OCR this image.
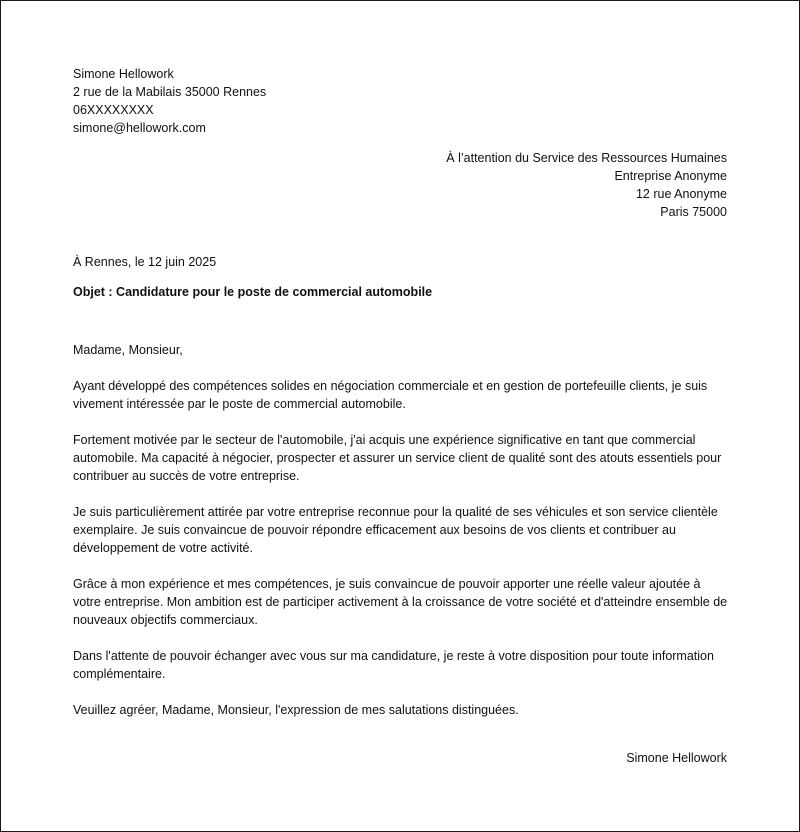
Simone Hellowork
2 rue de la Mabilais 35000 Rennes
06XXXXXXXX
simone@hellowork.com
À l’attention du Service des Ressources Humaines
Entreprise Anonyme
12 rue Anonyme
Paris 75000
À Rennes, le 12 juin 2025
Objet : Candidature pour le poste de commercial automobile

Madame, Monsieur,

Ayant développé des compétences solides en négociation commerciale et en gestion de portefeuille clients, je suis vivement intéressée par le poste de commercial automobile.

Fortement motivée par le secteur de l'automobile, j'ai acquis une expérience significative en tant que commercial automobile. Ma capacité à négocier, prospecter et assurer un service client de qualité sont des atouts essentiels pour contribuer au succès de votre entreprise.

Je suis particulièrement attirée par votre entreprise reconnue pour la qualité de ses véhicules et son service clientèle exemplaire. Je suis convaincue de pouvoir répondre efficacement aux besoins de vos clients et contribuer au développement de votre activité.

Grâce à mon expérience et mes compétences, je suis convaincue de pouvoir apporter une réelle valeur ajoutée à votre entreprise. Mon ambition est de participer activement à la croissance de votre société et d'atteindre ensemble de nouveaux objectifs commerciaux.

Dans l'attente de pouvoir échanger avec vous sur ma candidature, je reste à votre disposition pour toute information complémentaire.

Veuillez agréer, Madame, Monsieur, l'expression de mes salutations distinguées.

Simone Hellowork
